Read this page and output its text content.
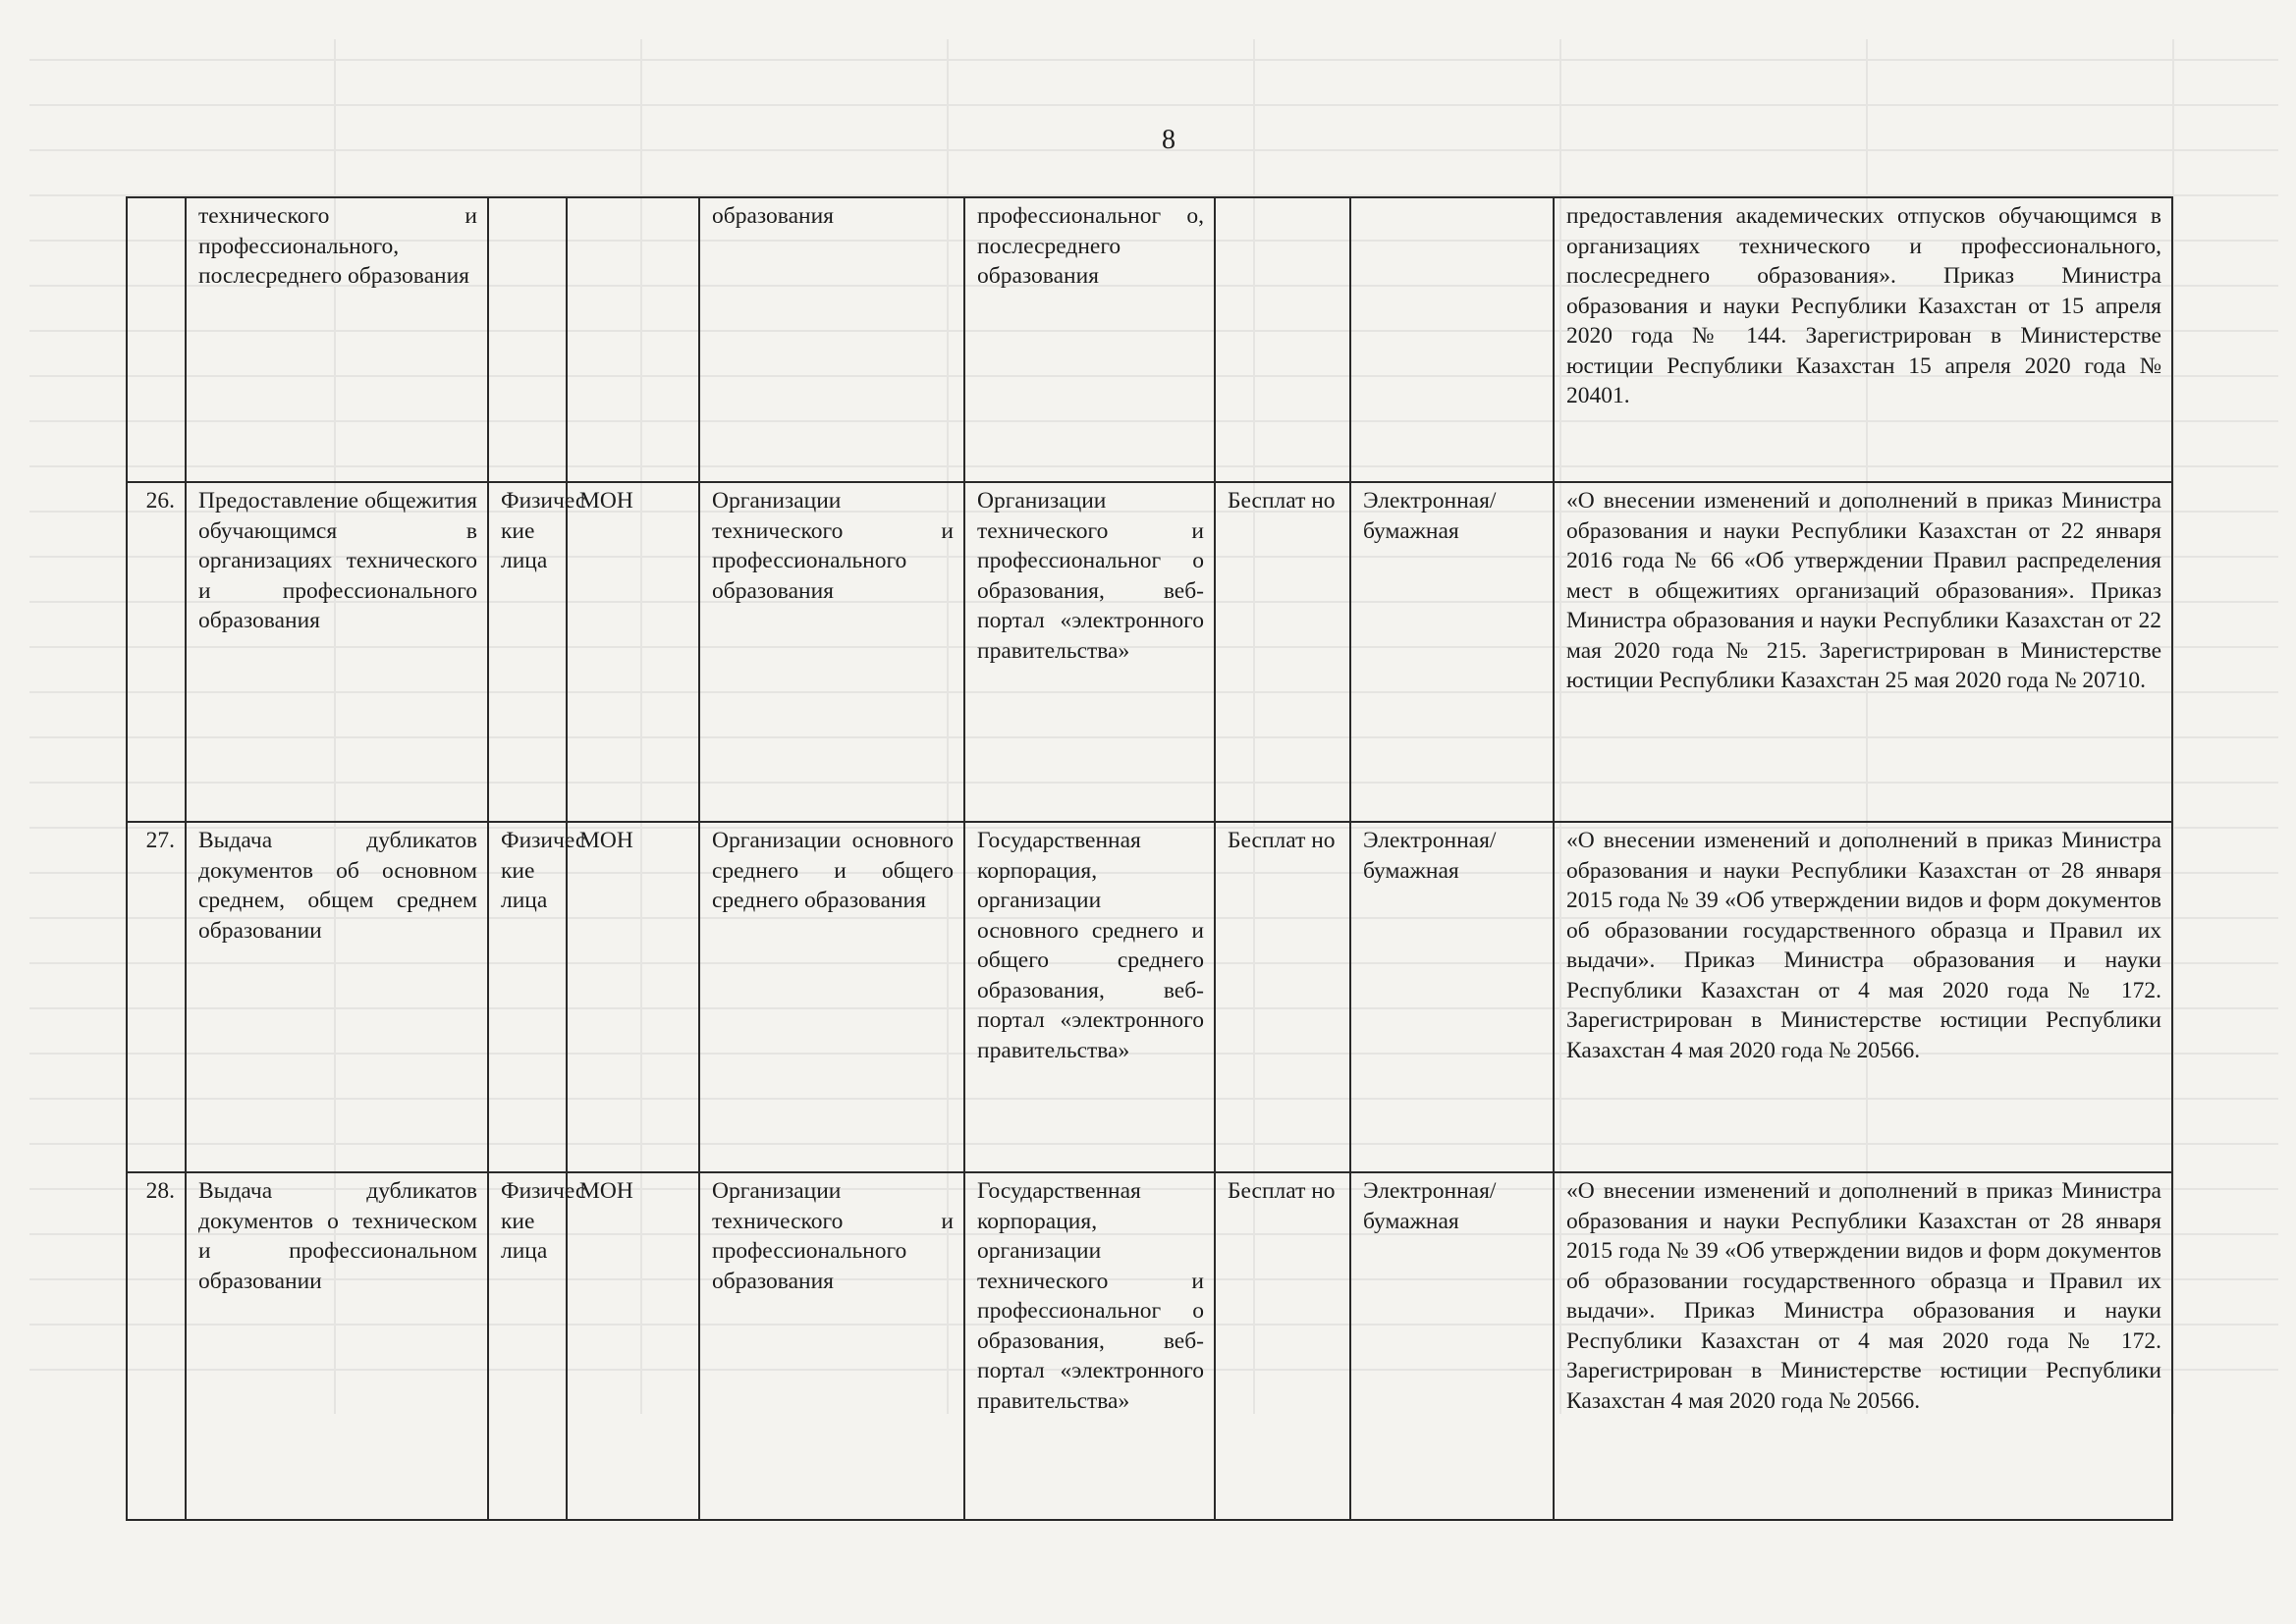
8
	технического и профессионального, послесреднего образования			образования	профессиональног о, послесреднего образования			предоставления академических отпусков обучающимся в организациях технического и профессионального, послесреднего образования». Приказ Министра образования и науки Республики Казахстан от 15 апреля 2020 года № 144. Зарегистрирован в Министерстве юстиции Республики Казахстан 15 апреля 2020 года № 20401.
26.	Предоставление общежития обучающимся в организациях технического и профессионального образования	Физичес кие лица	МОН	Организации технического и профессионального образования	Организации технического и профессиональног о образования, веб-портал «электронного правительства»	Бесплат но	Электронная/ бумажная	«О внесении изменений и дополнений в приказ Министра образования и науки Республики Казахстан от 22 января 2016 года № 66 «Об утверждении Правил распределения мест в общежитиях организаций образования». Приказ Министра образования и науки Республики Казахстан от 22 мая 2020 года № 215. Зарегистрирован в Министерстве юстиции Республики Казахстан 25 мая 2020 года № 20710.
27.	Выдача дубликатов документов об основном среднем, общем среднем образовании	Физичес кие лица	МОН	Организации основного среднего и общего среднего образования	Государственная корпорация, организации основного среднего и общего среднего образования, веб-портал «электронного правительства»	Бесплат но	Электронная/ бумажная	«О внесении изменений и дополнений в приказ Министра образования и науки Республики Казахстан от 28 января 2015 года № 39 «Об утверждении видов и форм документов об образовании государственного образца и Правил их выдачи». Приказ Министра образования и науки Республики Казахстан от 4 мая 2020 года № 172. Зарегистрирован в Министерстве юстиции Республики Казахстан 4 мая 2020 года № 20566.
28.	Выдача дубликатов документов о техническом и профессиональном образовании	Физичес кие лица	МОН	Организации технического и профессионального образования	Государственная корпорация, организации технического и профессиональног о образования, веб-портал «электронного правительства»	Бесплат но	Электронная/ бумажная	«О внесении изменений и дополнений в приказ Министра образования и науки Республики Казахстан от 28 января 2015 года № 39 «Об утверждении видов и форм документов об образовании государственного образца и Правил их выдачи». Приказ Министра образования и науки Республики Казахстан от 4 мая 2020 года № 172. Зарегистрирован в Министерстве юстиции Республики Казахстан 4 мая 2020 года № 20566.
